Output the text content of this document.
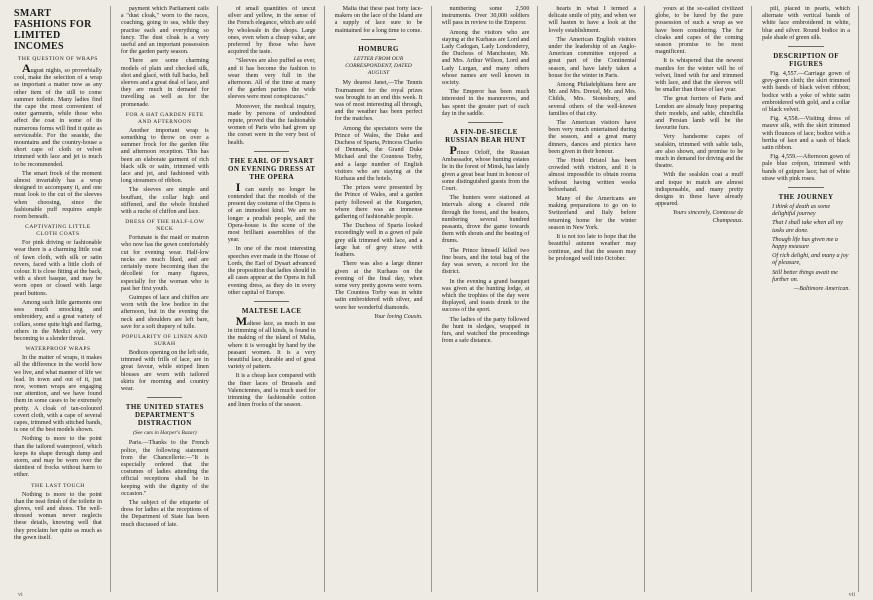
SMART FASHIONS FOR LIMITED INCOMES
THE QUESTION OF WRAPS

August nights, so proverbially cool, make the selection of a wrap as important a matter now as any other item of the still to come summer toilette. Many ladies find the cape the most convenient of outer garments, while those who affect the coat in some of its numerous forms will find it quite as serviceable. For the seaside, the mountains and the country-house a short cape of cloth or velvet trimmed with lace and jet is much to be recommended.

The smart frock of the moment almost invariably has a wrap designed to accompany it, and one must look to the cut of the sleeves when choosing, since the fashionable puff requires ample room beneath.

CAPTIVATING LITTLE CLOTH COATS

For pink driving or fashionable wear there is a charming little coat of fawn cloth, with silk or satin revers, faced with a little cloth of colour. It is close fitting at the back, with a short basque, and may be worn open or closed with large pearl buttons.

Among such little garments one sees much smocking and embroidery, and a great variety of collars, some quite high and flaring, others in the Medici style, very becoming to a slender throat.

WATERPROOF WRAPS

In the matter of wraps, it makes all the difference in the world how we live, and what manner of life we lead. In town and out of it, just now, women wraps are engaging our attention, and we have found them in some cases to be extremely pretty. A cloak of tan-coloured covert cloth, with a cape of several capes, trimmed with stitched bands, is one of the best models shown.

Nothing is more to the point than the tailored waterproof, which keeps its shape through damp and storm, and may be worn over the daintiest of frocks without harm to either.

THE LAST TOUCH

Nothing is more to the point than the neat finish of the toilette in gloves, veil and shoes. The well-dressed woman never neglects these details, knowing well that they proclaim her quite as much as the gown itself.

payment which Parliament calls a "dust cloak," worn to the races, coaching, going to sea, while they practise each and everything so fancy. The dust cloak is a very useful and an important possession for the garden party season.

There are some charming models of plain and checked silk, shot and glacé, with full backs, bell sleeves and a great deal of lace, and they are much in demand for travelling as well as for the promenade.

FOR A HAT GARDEN FETE AND AFTERNOON

Another important wrap is something to throw on over a summer frock for the garden fête and afternoon reception. This has been an elaborate garment of rich black silk or satin, trimmed with lace and jet, and fashioned with long streamers of ribbon.

The sleeves are simple and bouffant, the collar high and stiffened, and the whole finished with a ruche of chiffon and lace.

DRESS OF THE HALF-LOW NECK

Fortunate is the maid or matron who now has the gown comfortably cut for evening wear. Half-low necks are much liked, and are certainly more becoming than the décolleté for many figures, especially for the woman who is past her first youth.

Guimpes of lace and chiffon are worn with the low bodice in the afternoon, but in the evening the neck and shoulders are left bare, save for a soft drapery of tulle.

POPULARITY OF LINEN AND SURAH

Bodices opening on the left side, trimmed with frills of lace, are in great favour, while striped linen blouses are worn with tailored skirts for morning and country wear.

THE UNITED STATES DEPARTMENT'S DISTRACTION

(See cuts in Harper's Bazar)

Paris.—Thanks to the French police, the following statement from the Chancellerie:—"It is especially ordered that the costumes of ladies attending the official receptions shall be in keeping with the dignity of the occasion."

The subject of the etiquette of dress for ladies at the receptions of the Department of State has been much discussed of late.

of small quantities of uncut silver and yellow, in the sense of the French elegance, which are sold by wholesale in the shops. Large ones, even when a cheap value, are preferred by those who have acquired the taste.

"Sleeves are also puffed as ever, and it has become the fashion to wear them very full in the afternoon. All of the time at many of the garden parties the wide sleeves were most conspicuous."

Moreover, the medical inquiry, made by persons of undoubted repute, proved that the fashionable women of Paris who had given up the corset were in the very best of health.

THE EARL OF DYSART ON EVENING DRESS AT THE OPERA

I can surely no longer be contended that the modish of the present day costume of the Opera is of an immodest kind. We are no longer a prudish people, and the Opera-house is the scene of the most brilliant assemblies of the year.

In one of the most interesting speeches ever made in the House of Lords, the Earl of Dysart advanced the proposition that ladies should in all cases appear at the Opera in full evening dress, as they do in every other capital of Europe.

MALTESE LACE

Maltese lace, as much in use in trimming of all kinds, is found in the making of the island of Malta, where it is wrought by hand by the peasant women. It is a very beautiful lace, durable and of great variety of pattern.

It is a cheap lace compared with the finer laces of Brussels and Valenciennes, and is much used for trimming the fashionable cotton and linen frocks of the season.

Malta that these past forty lace-makers on the lace of the Island are a supply of lace sure to be maintained for a long time to come.

HOMBURG

LETTER FROM OUR CORRESPONDENT, DATED AUGUST

My dearest Janet,—The Tennis Tournament for the royal prizes was brought to an end this week. It was of most interesting all through, and the weather has been perfect for the matches.

Among the spectators were the Prince of Wales, the Duke and Duchess of Sparta, Princess Charles of Denmark, the Grand Duke Michael and the Countess Torby, and a large number of English visitors who are staying at the Kurhaus and the hotels.

The prizes were presented by the Prince of Wales, and a garden party followed at the Kurgarten, where there was an immense gathering of fashionable people.

The Duchess of Sparta looked exceedingly well in a gown of pale grey silk trimmed with lace, and a large hat of grey straw with feathers.

There was also a large dinner given at the Kurhaus on the evening of the final day, when some very pretty gowns were worn. The Countess Torby was in white satin embroidered with silver, and wore her wonderful diamonds.

Your loving Cousin.

numbering some 2,500 instruments. Over 30,000 soldiers will pass in review to the Emperor.

Among the visitors who are staying at the Kurhaus are Lord and Lady Cadogan, Lady Londonderry, the Duchess of Manchester, Mr. and Mrs. Arthur Wilson, Lord and Lady Lurgan, and many others whose names are well known in society.

The Emperor has been much interested in the manœuvres, and has spent the greater part of each day in the saddle.

A FIN-DE-SIECLE RUSSIAN BEAR HUNT

Prince Orloff, the Russian Ambassador, whose hunting estates lie in the forest of Minsk, has lately given a great bear hunt in honour of some distinguished guests from the Court.

The hunters were stationed at intervals along a cleared ride through the forest, and the beaters, numbering several hundred peasants, drove the game towards them with shouts and the beating of drums.

The Prince himself killed two fine bears, and the total bag of the day was seven, a record for the district.

In the evening a grand banquet was given at the hunting lodge, at which the trophies of the day were displayed, and toasts drunk to the success of the sport.

The ladies of the party followed the hunt in sledges, wrapped in furs, and watched the proceedings from a safe distance.

hearts in what I termed a delicate smile of pity, and when we will hasten to have a look at the lovely establishment.

The American English visitors under the leadership of an Anglo-American committee enjoyed a great part of the Continental season, and have lately taken a house for the winter in Paris.

Among Philadelphians here are Mr. and Mrs. Drexel, Mr. and Mrs. Childs, Mrs. Stotesbury, and several others of the well-known families of that city.

The American visitors have been very much entertained during the season, and a great many dinners, dances and picnics have been given in their honour.

The Hotel Bristol has been crowded with visitors, and it is almost impossible to obtain rooms without having written weeks beforehand.

Many of the Americans are making preparations to go on to Switzerland and Italy before returning home for the winter season in New York.

It is not too late to hope that the beautiful autumn weather may continue, and that the season may be prolonged well into October.

yours at the so-called civilized globe, to be lured by the pure possession of such a wrap as we have been considering. The fur cloaks and capes of the coming season promise to be most magnificent.

It is whispered that the newest mantles for the winter will be of velvet, lined with fur and trimmed with lace, and that the sleeves will be smaller than those of last year.

The great furriers of Paris and London are already busy preparing their models, and sable, chinchilla and Persian lamb will be the favourite furs.

Very handsome capes of sealskin, trimmed with sable tails, are also shown, and promise to be much in demand for driving and the theatre.

With the sealskin coat a muff and toque to match are almost indispensable, and many pretty designs in these have already appeared.

Yours sincerely, Comtesse de Champeaux.

pill, placed in pearls, which alternate with vertical bands of white lace embroidered in white, blue and silver. Round bodice in a pale shade of green silk.

DESCRIPTION OF FIGURES

Fig. 4,557.—Carriage gown of grey-green cloth; the skirt trimmed with bands of black velvet ribbon; bodice with a yoke of white satin embroidered with gold, and a collar of black velvet.

Fig. 4,558.—Visiting dress of mauve silk, with the skirt trimmed with flounces of lace; bodice with a bertha of lace and a sash of black satin ribbon.

Fig. 4,559.—Afternoon gown of pale blue crépon, trimmed with bands of guipure lace; hat of white straw with pink roses.

THE JOURNEY

I think of death as some delightful journey

That I shall take when all my tasks are done.

Though life has given me a happy measure

Of rich delight, and many a joy of pleasure,

Still better things await me further on.

—Baltimore American.

vi	vii
